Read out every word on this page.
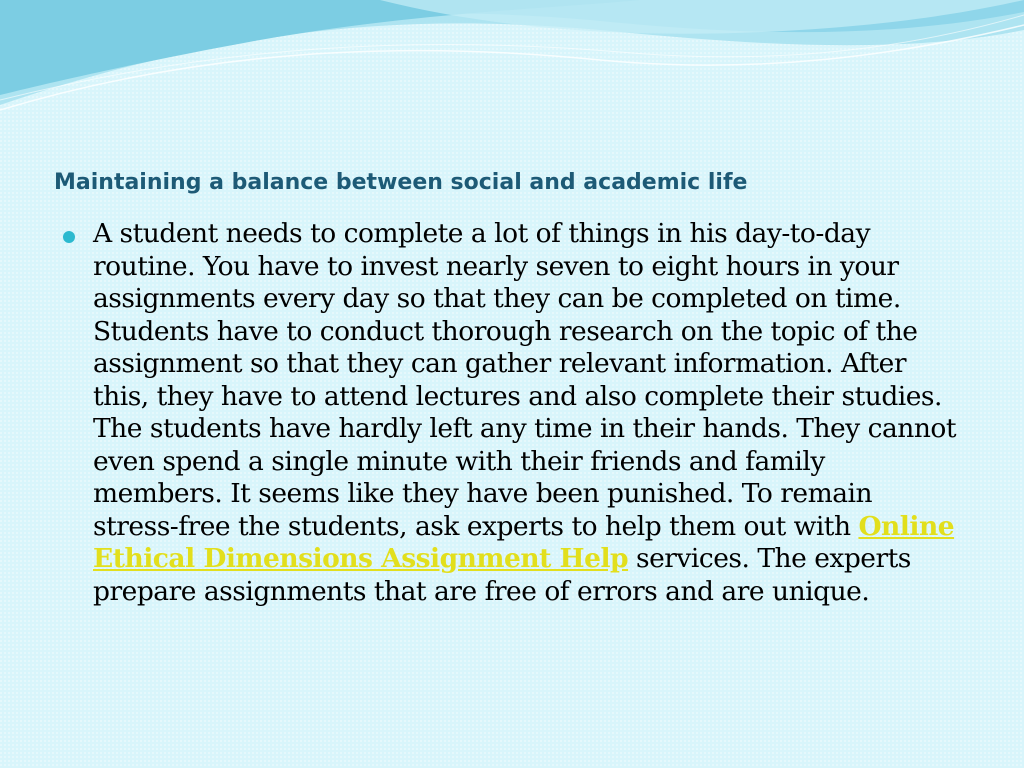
Maintaining a balance between social and academic life
A student needs to complete a lot of things in his day-to-day routine. You have to invest nearly seven to eight hours in your assignments every day so that they can be completed on time. Students have to conduct thorough research on the topic of the assignment so that they can gather relevant information. After this, they have to attend lectures and also complete their studies. The students have hardly left any time in their hands. They cannot even spend a single minute with their friends and family members. It seems like they have been punished. To remain stress-free the students, ask experts to help them out with Online Ethical Dimensions Assignment Help services. The experts prepare assignments that are free of errors and are unique.
